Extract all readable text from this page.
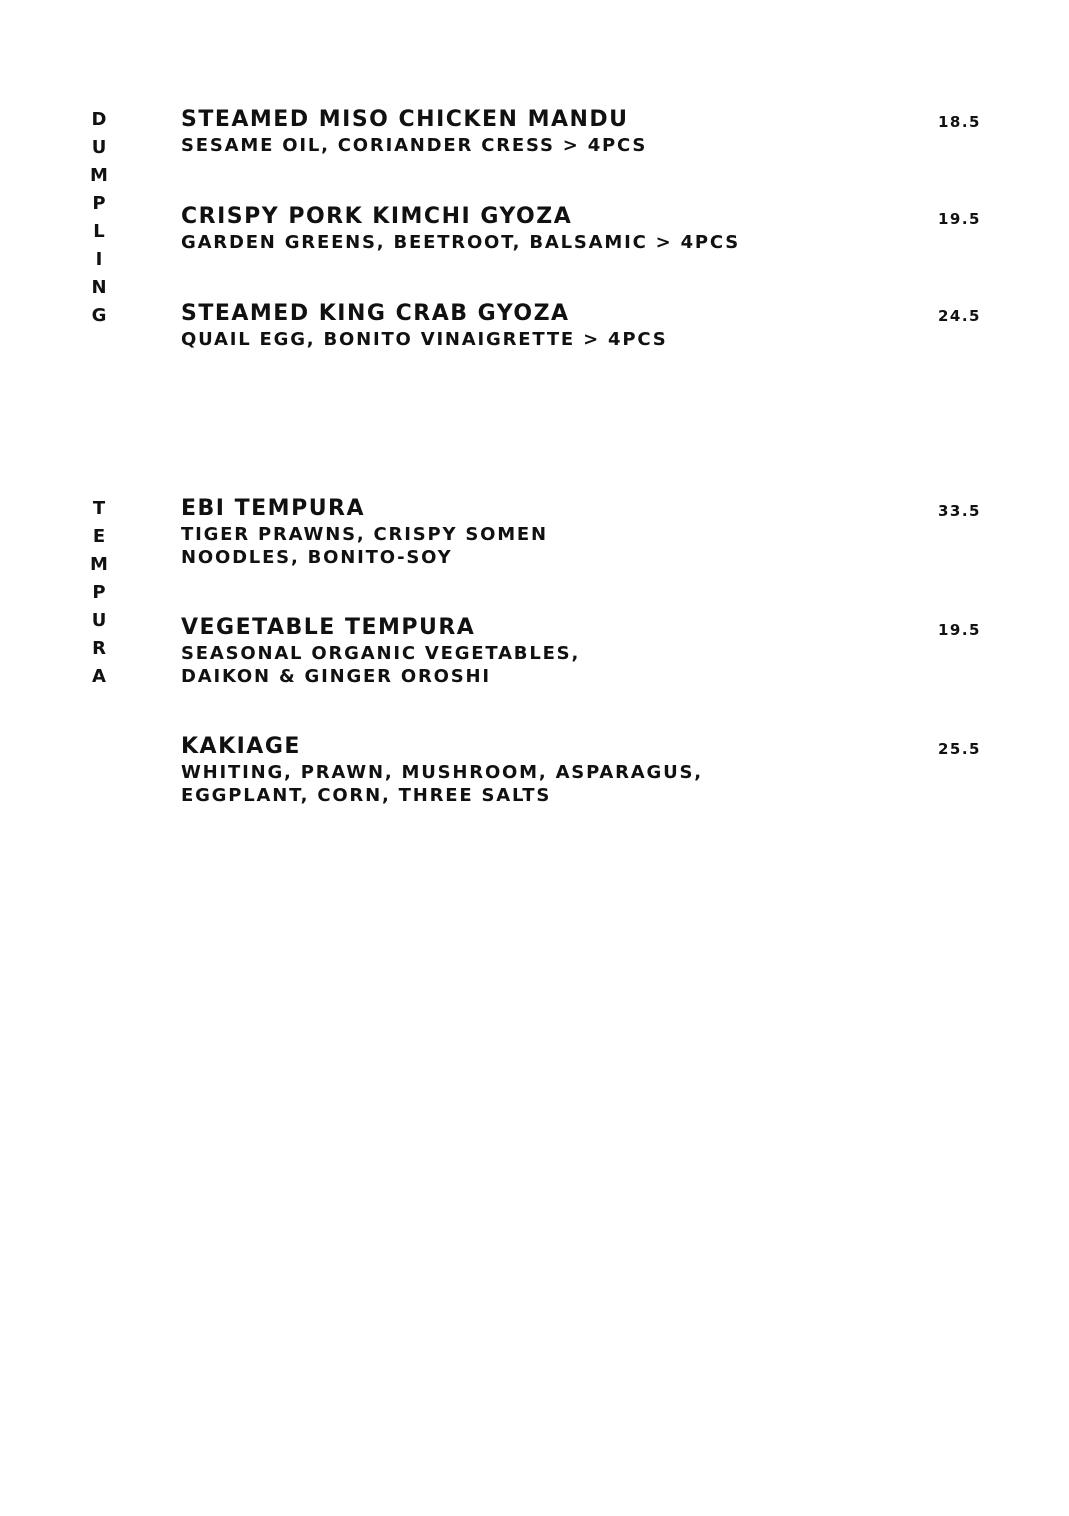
D
U
M
P
L
I
N
G
STEAMED MISO CHICKEN MANDU
SESAME OIL, CORIANDER CRESS > 4PCS
18.5
CRISPY PORK KIMCHI GYOZA
GARDEN GREENS, BEETROOT, BALSAMIC > 4PCS
19.5
STEAMED KING CRAB GYOZA
QUAIL EGG, BONITO VINAIGRETTE > 4PCS
24.5
T
E
M
P
U
R
A
EBI TEMPURA
TIGER PRAWNS, CRISPY SOMEN
NOODLES, BONITO-SOY
33.5
VEGETABLE TEMPURA
SEASONAL ORGANIC VEGETABLES,
DAIKON & GINGER OROSHI
19.5
KAKIAGE
WHITING, PRAWN, MUSHROOM, ASPARAGUS,
EGGPLANT, CORN, THREE SALTS
25.5
